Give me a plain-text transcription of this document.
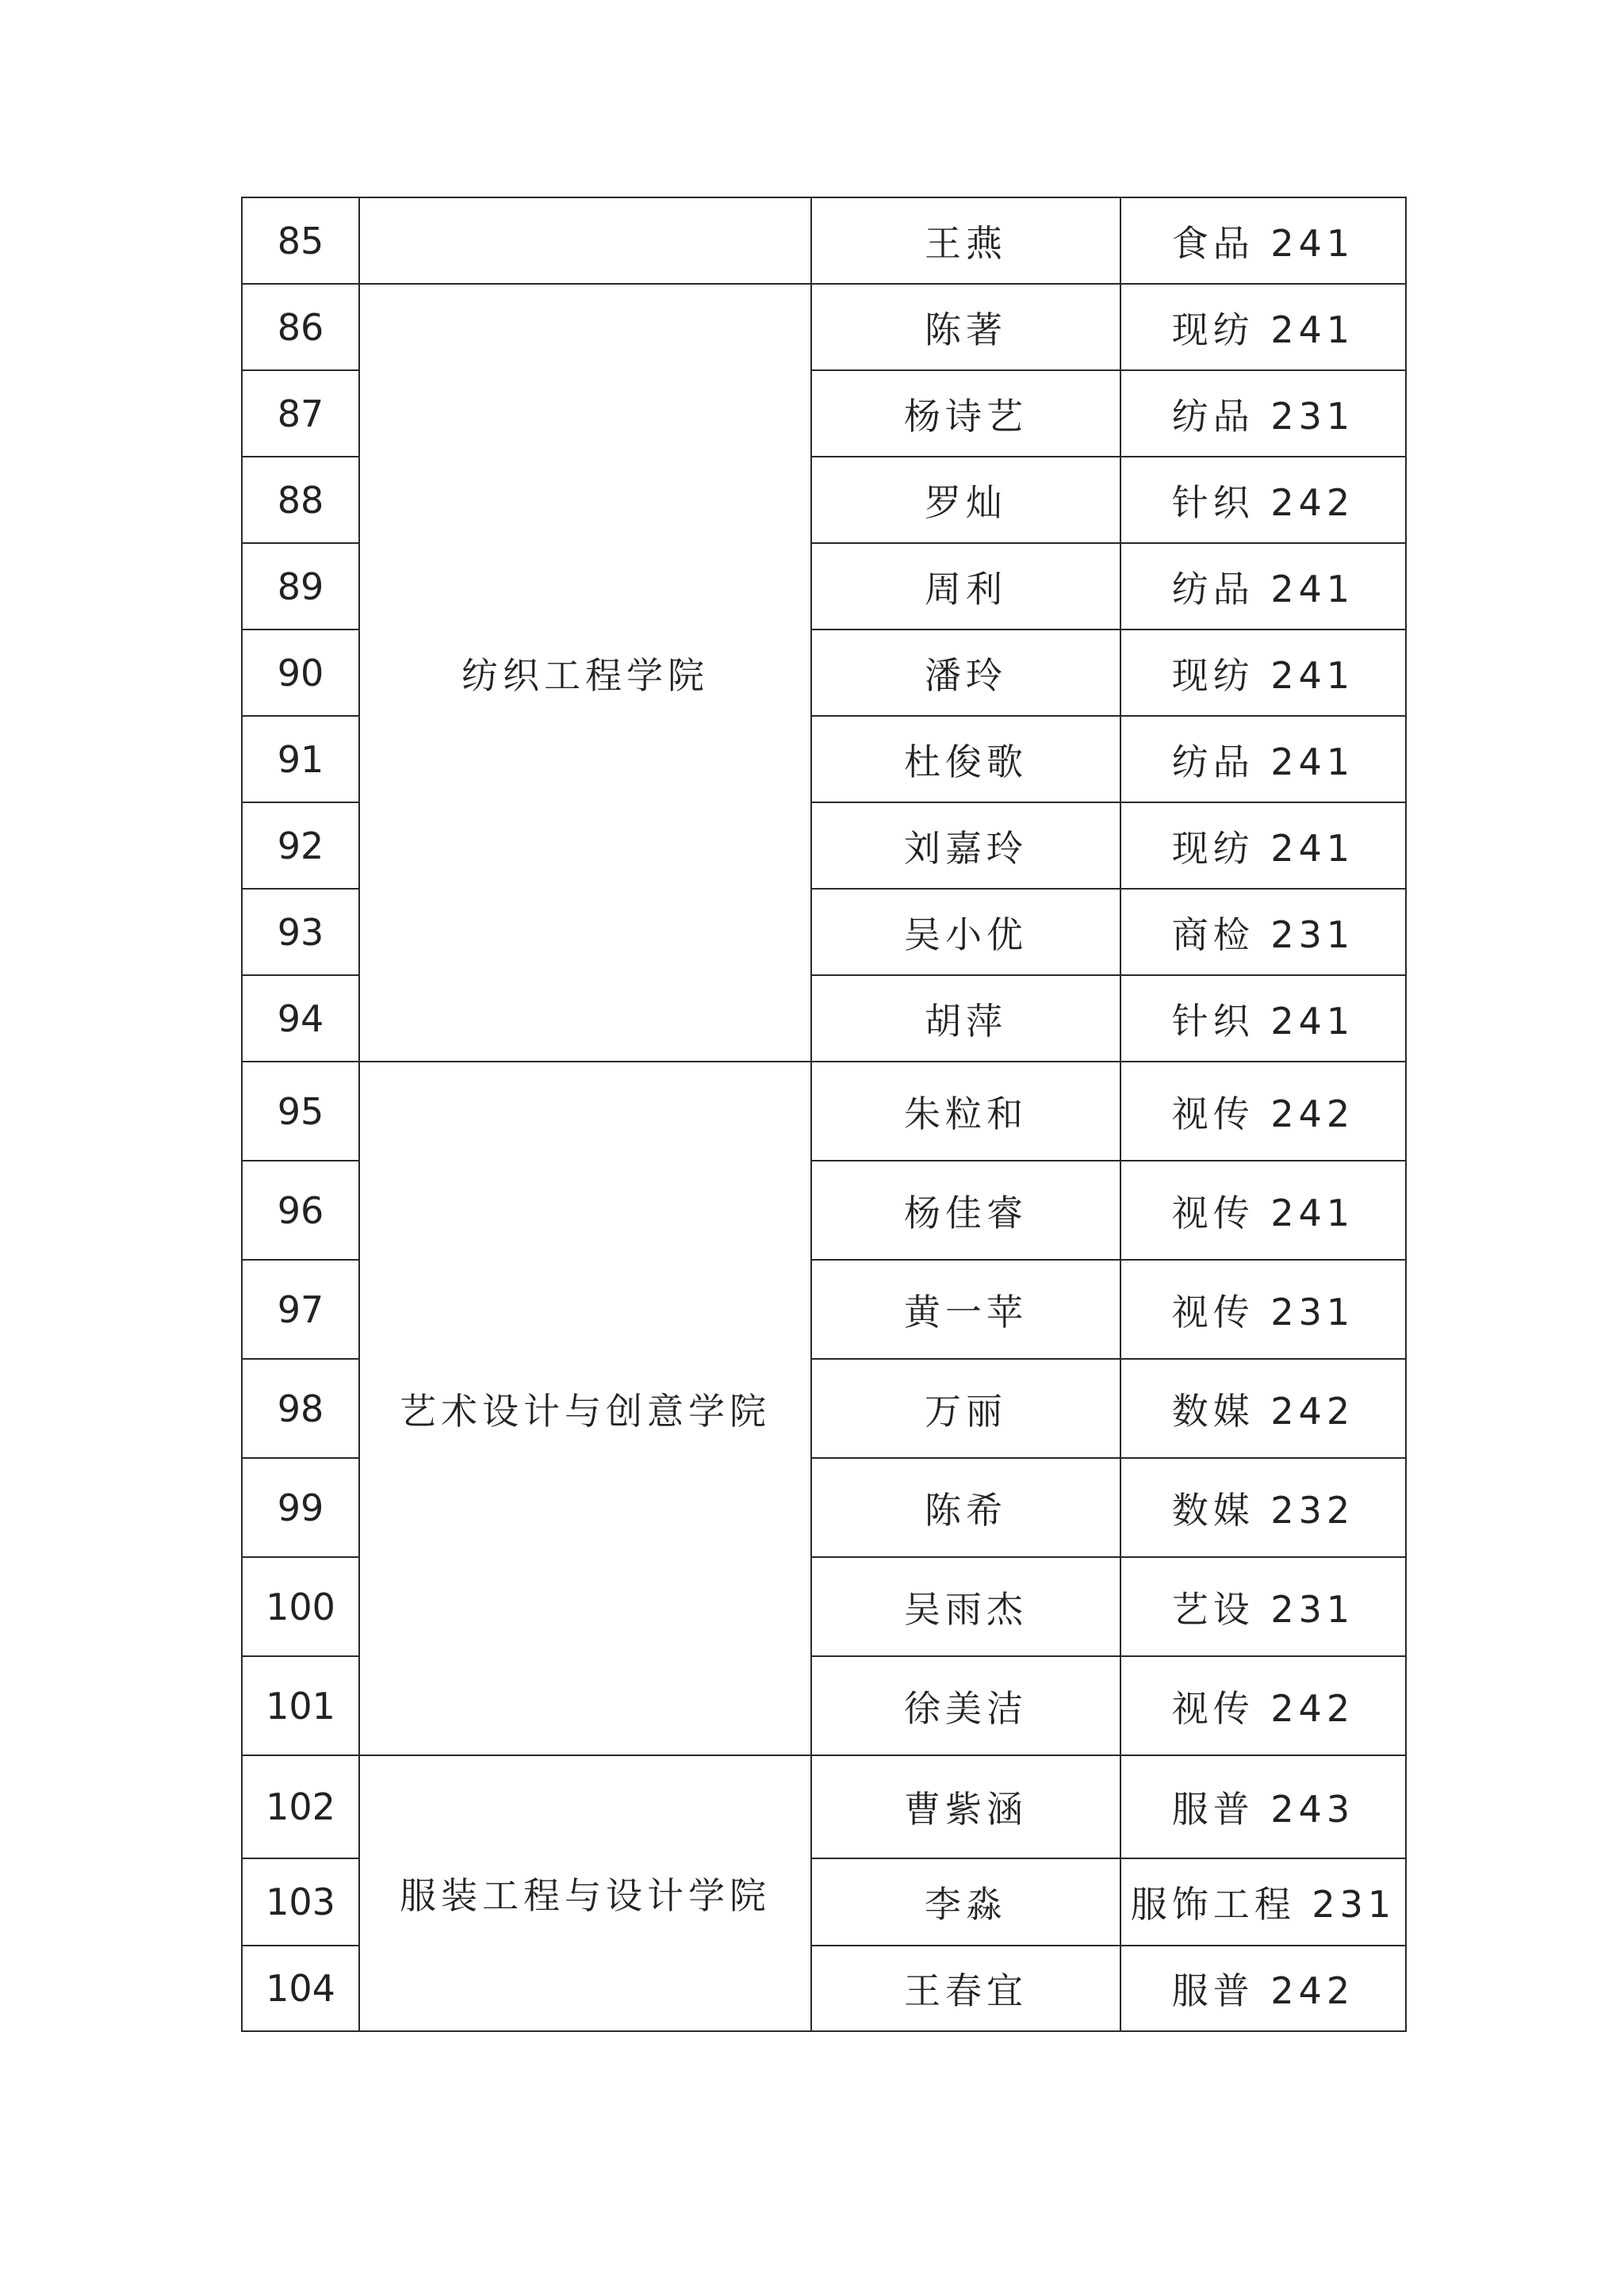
85		王燕	食品 241
86	纺织工程学院	陈著	现纺 241
87		杨诗艺	纺品 231
88		罗灿	针织 242
89		周利	纺品 241
90		潘玲	现纺 241
91		杜俊歌	纺品 241
92		刘嘉玲	现纺 241
93		吴小优	商检 231
94		胡萍	针织 241
95	艺术设计与创意学院	朱粒和	视传 242
96		杨佳睿	视传 241
97		黄一苹	视传 231
98		万丽	数媒 242
99		陈希	数媒 232
100		吴雨杰	艺设 231
101		徐美洁	视传 242
102	服装工程与设计学院	曹紫涵	服普 243
103		李淼	服饰工程 231
104		王春宜	服普 242
